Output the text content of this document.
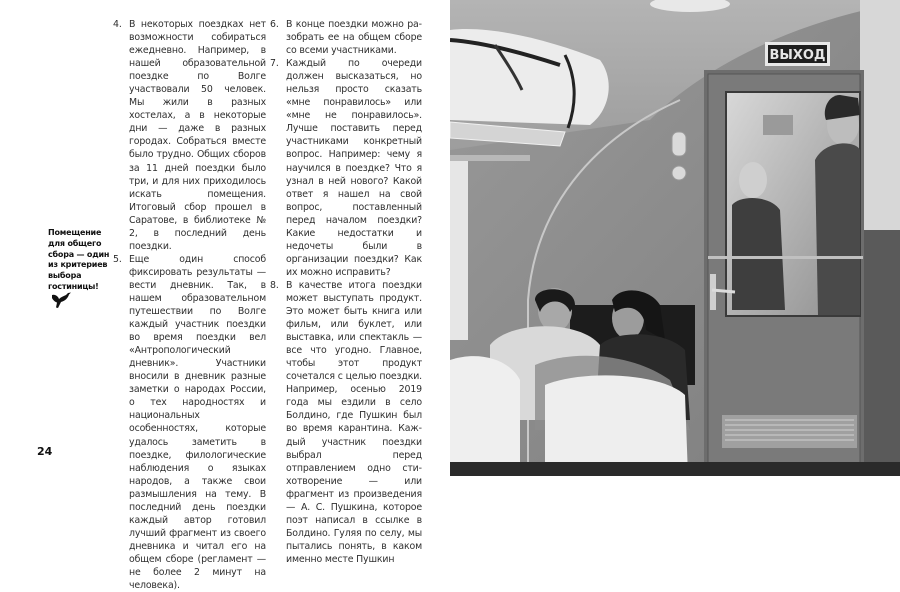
Помещение для общего сбора — один из критериев выбора гостиницы!
4. В некоторых поездках нет возможности собираться ежедневно. Например, в нашей образовательной поездке по Волге участвовали 50 человек. Мы жили в разных хостелах, а в некоторые дни — даже в разных городах. Собраться вместе было трудно. Общих сборов за 11 дней поездки было три, и для них приходилось искать помещения. Итоговый сбор прошел в Саратове, в библиотеке № 2, в последний день поездки.
5. Еще один способ фиксировать результаты — вести дневник. Так, в нашем образовательном путешествии по Волге каждый участник поездки во время поездки вел «Антропологический дневник». Участники вносили в дневник разные заметки о народах России, о тех народностях и национальных особенностях, которые удалось заметить в поездке, филологические наблюдения о языках народов, а также свои размышления на тему. В последний день поездки каждый автор готовил лучший фрагмент из своего дневника и читал его на общем сборе (регламент — не более 2 минут на человека).
6. В конце поездки можно разобрать ее на общем сборе со всеми участниками.
7. Каждый по очереди должен высказаться, но нельзя просто сказать «мне понравилось» или «мне не понравилось». Лучше поставить перед участниками конкретный вопрос. Например: чему я научился в поездке? Что я узнал в ней нового? Какой ответ я нашел на свой вопрос, поставленный перед началом поездки? Какие недостатки и недочеты были в организации поездки? Как их можно исправить?
8. В качестве итога поездки может выступать продукт. Это может быть книга или фильм, или буклет, или выставка, или спектакль — все что угодно. Главное, чтобы этот продукт сочетался с целью поездки. Например, осенью 2019 года мы ездили в село Болдино, где Пушкин был во время карантина. Каждый участник поездки выбрал перед отправлением одно стихотворение — или фрагмент из произведения — А. С. Пушкина, которое поэт написал в ссылке в Болдино. Гуляя по селу, мы пытались понять, в каком именно месте Пушкин
24
ВЫХОД
